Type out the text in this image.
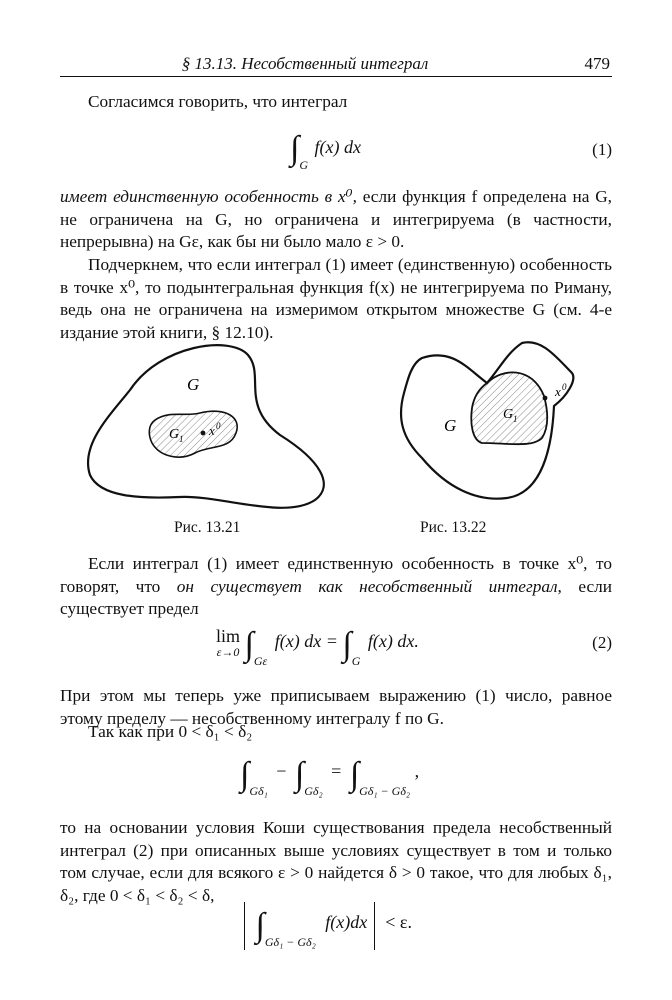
§ 13.13. Несобственный интеграл	479

Согласимся говорить, что интеграл

$\int_G$ f(x) dx	(1)

имеет единственную особенность в x⁰, если функция f определена на G, не ограничена на G, но ограничена и интегрируема (в частности, непрерывна) на Gε, как бы ни было мало ε > 0.

Подчеркнем, что если интеграл (1) имеет (единственную) особенность в точке x⁰, то подынтегральная функция f(x) не интегрируема по Риману, ведь она не ограничена на измеримом открытом множестве G (см. 4-е издание этой книги, § 12.10).

G
G 1
x 0
Рис. 13.21
G
G 1
x 0
Рис. 13.22

Если интеграл (1) имеет единственную особенность в точке x⁰, то говорят, что он существует как несобственный интеграл, если существует предел

lim
ε→0 $\int_{G\varepsilon}$ f(x) dx = $\int_G$ f(x) dx.	(2)

При этом мы теперь уже приписываем выражению (1) число, равное этому пределу — несобственному интегралу f по G.

Так как при 0 < δ₁ < δ₂

$\int_{G\delta_1} - \int_{G\delta_2} = \int_{G\delta_1 - G\delta_2}$ ,

то на основании условия Коши существования предела несобственный интеграл (2) при описанных выше условиях существует в том и только том случае, если для всякого ε > 0 найдется δ > 0 такое, что для любых δ₁, δ₂, где 0 < δ₁ < δ₂ < δ,

$\int_{G\delta_1 - G\delta_2}$ f(x)dx < ε.
